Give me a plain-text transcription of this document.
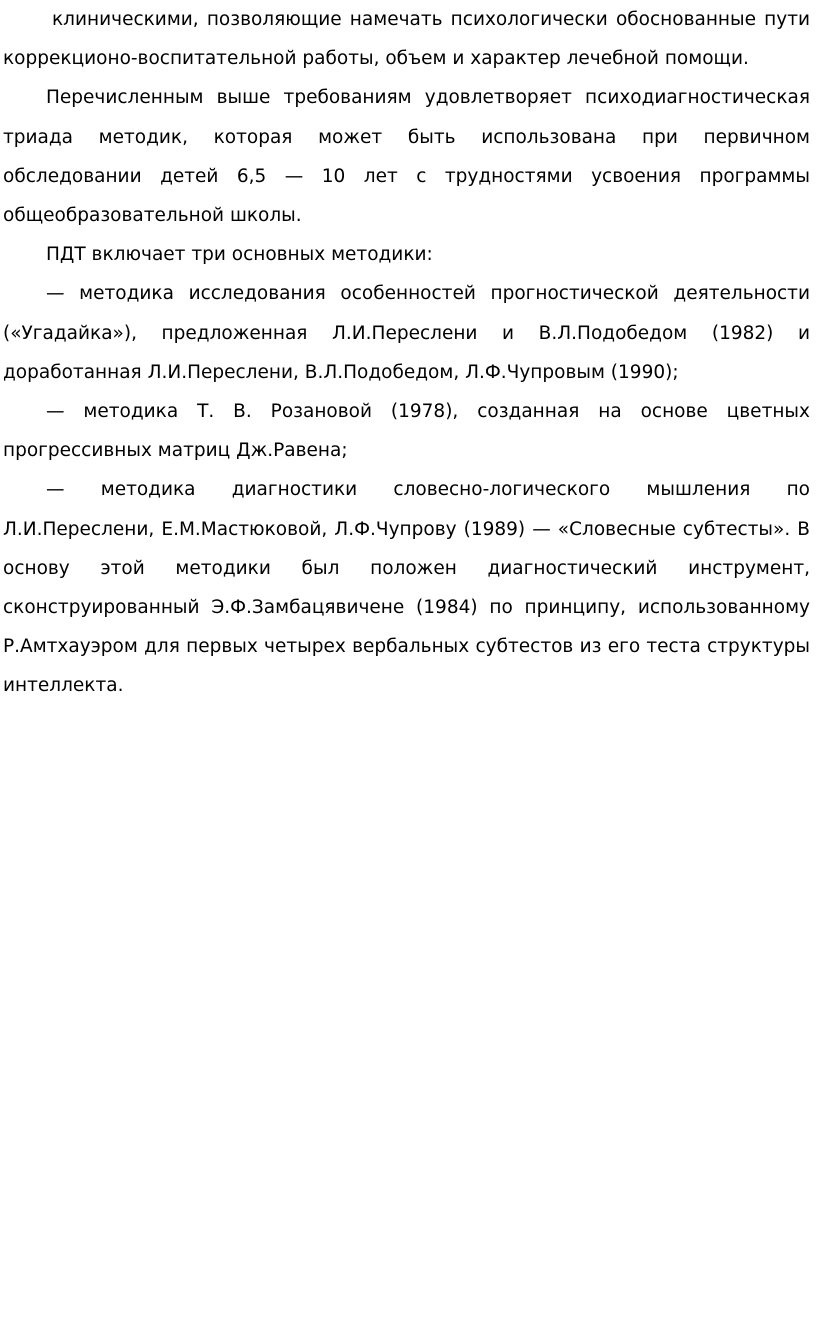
клиническими, позволяющие намечать психологически обоснованные пути коррекционо-воспитательной работы, объем и характер лечебной помощи.

Перечисленным выше требованиям удовлетворяет психодиагностическая триада методик, которая может быть использована при первичном обследовании детей 6,5 — 10 лет с трудностями усвоения программы общеобразовательной школы.

ПДТ включает три основных методики:

— методика исследования особенностей прогностической деятельности («Угадайка»), предложенная Л.И.Переслени и В.Л.Подобедом (1982) и доработанная Л.И.Переслени, В.Л.Подобедом, Л.Ф.Чупровым (1990);

— методика Т. В. Розановой (1978), созданная на основе цветных прогрессивных матриц Дж.Равена;

— методика диагностики словесно-логического мышления по Л.И.Переслени, Е.М.Мастюковой, Л.Ф.Чупрову (1989) — «Словесные субтесты». В основу этой методики был положен диагностический инструмент, сконструированный Э.Ф.Замбацявичене (1984) по принципу, использованному Р.Амтхауэром для первых четырех вербальных субтестов из его теста структуры интеллекта.
